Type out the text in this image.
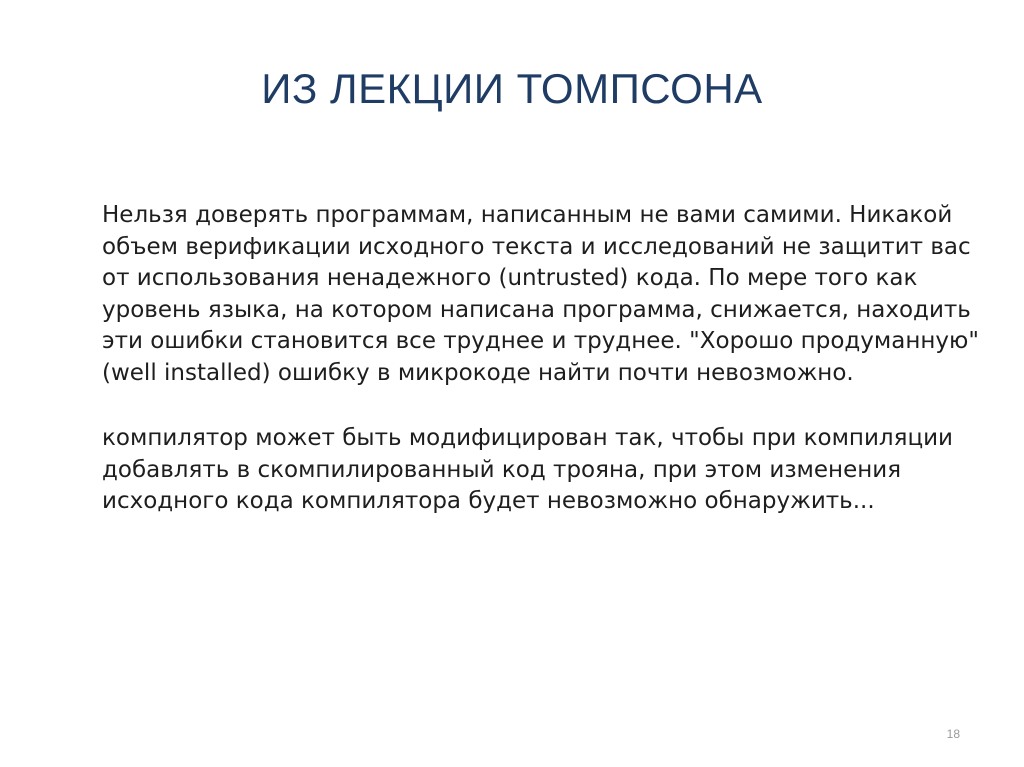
ИЗ ЛЕКЦИИ ТОМПСОНА

Нельзя доверять программам, написанным не вами самими. Никакой объем верификации исходного текста и исследований не защитит вас от использования ненадежного (untrusted) кода. По мере того как уровень языка, на котором написана программа, снижается, находить эти ошибки становится все труднее и труднее. "Хорошо продуманную" (well installed) ошибку в микрокоде найти почти невозможно.

компилятор может быть модифицирован так, чтобы при компиляции добавлять в скомпилированный код трояна, при этом изменения исходного кода компилятора будет невозможно обнаружить...

18
